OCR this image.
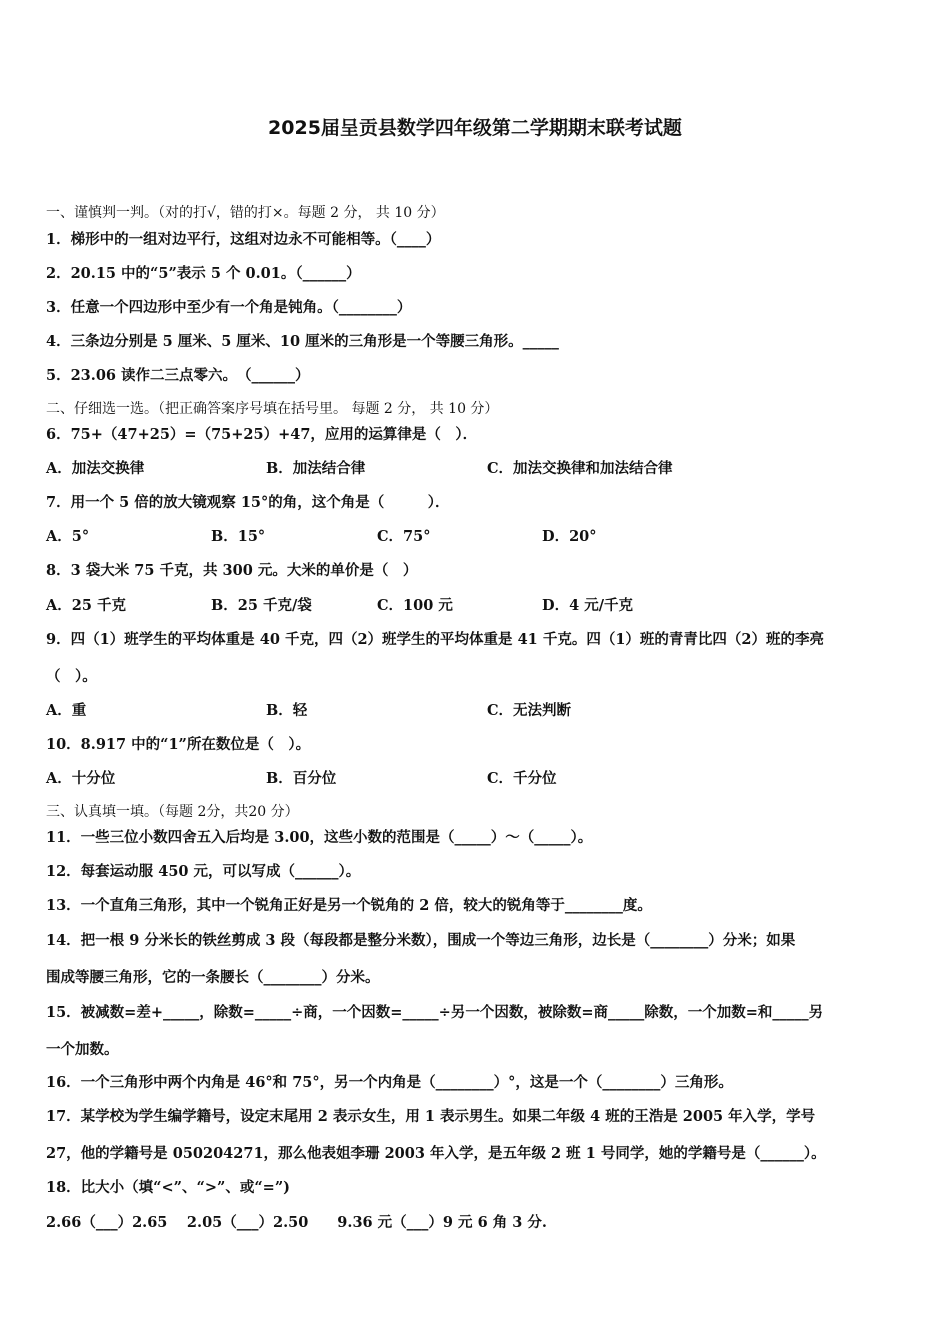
2025届呈贡县数学四年级第二学期期末联考试题
一、谨慎判一判。（对的打√，错的打×。每题 2 分， 共 10 分）
1．梯形中的一组对边平行，这组对边永不可能相等。（____）
2．20.15 中的“5”表示 5 个 0.01。（______）
3．任意一个四边形中至少有一个角是钝角。（________）
4．三条边分别是 5 厘米、5 厘米、10 厘米的三角形是一个等腰三角形。_____
5．23.06 读作二三点零六。　（______）
二、仔细选一选。（把正确答案序号填在括号里。 每题 2 分， 共 10 分）
6．75+（47+25）=（75+25）+47，应用的运算律是（　）．
A．加法交换律	B．加法结合律	C．加法交换律和加法结合律
7．用一个 5 倍的放大镜观察 15°的角，这个角是（　　　）．
A．5°	B．15°	C．75°	D．20°
8．3 袋大米 75 千克，共 300 元。大米的单价是（　）
A．25 千克	B．25 千克/袋	C．100 元	D．4 元/千克
9．四（1）班学生的平均体重是 40 千克，四（2）班学生的平均体重是 41 千克。四（1）班的青青比四（2）班的李亮
（　）。
A．重	B．轻	C．无法判断
10．8.917 中的“1”所在数位是（　）。
A．十分位	B．百分位	C．千分位
三、认真填一填。（每题 2分，共20 分）
11．一些三位小数四舍五入后均是 3.00，这些小数的范围是（_____）～（_____）。
12．每套运动服 450 元，可以写成（______）。
13．一个直角三角形，其中一个锐角正好是另一个锐角的 2 倍，较大的锐角等于________度。
14．把一根 9 分米长的铁丝剪成 3 段（每段都是整分米数），围成一个等边三角形，边长是（________）分米；如果
围成等腰三角形，它的一条腰长（________）分米。
15．被减数=差+_____，除数=_____÷商，一个因数=_____÷另一个因数，被除数=商_____除数，一个加数=和_____另
一个加数。
16．一个三角形中两个内角是 46°和 75°，另一个内角是（________）°，这是一个（________）三角形。
17．某学校为学生编学籍号，设定末尾用 2 表示女生，用 1 表示男生。如果二年级 4 班的王浩是 2005 年入学，学号
27，他的学籍号是 050204271，那么他表姐李珊 2003 年入学，是五年级 2 班 1 号同学，她的学籍号是（______）。
18．比大小（填“<”、“>”、或“=”)
2.66（___）2.65　 2.05（___）2.50　　9.36 元（___）9 元 6 角 3 分.
